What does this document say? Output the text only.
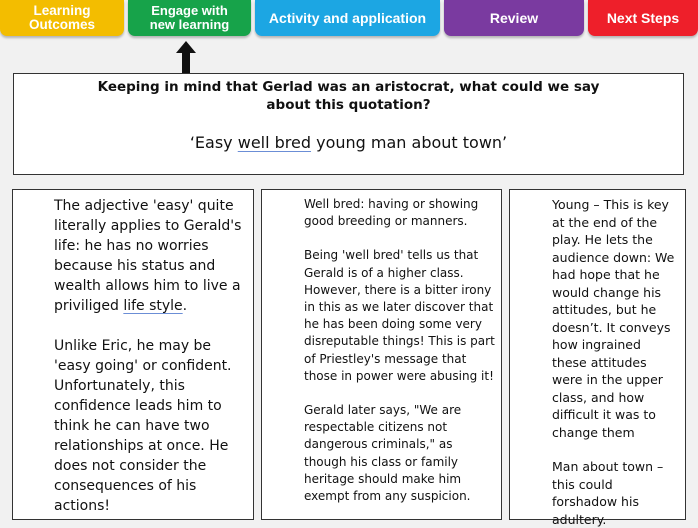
Learning Outcomes
Engage with new learning	Activity and application	Review	Next Steps
Keeping in mind that Gerlad was an aristocrat, what could we say about this quotation?
‘Easy well bred young man about town’

The adjective 'easy' quite literally applies to Gerald's life: he has no worries because his status and wealth allows him to live a priviliged life style.

Unlike Eric, he may be 'easy going' or confident. Unfortunately, this confidence leads him to think he can have two relationships at once. He does not consider the consequences of his actions!

Well bred: having or showing good breeding or manners.

Being 'well bred' tells us that Gerald is of a higher class. However, there is a bitter irony in this as we later discover that he has been doing some very disreputable things! This is part of Priestley's message that those in power were abusing it!

Gerald later says, "We are respectable citizens not dangerous criminals," as though his class or family heritage should make him exempt from any suspicion.

Young – This is key at the end of the play. He lets the audience down: We had hope that he would change his attitudes, but he doesn’t. It conveys how ingrained these attitudes were in the upper class, and how difficult it was to change them

Man about town – this could forshadow his adultery.
